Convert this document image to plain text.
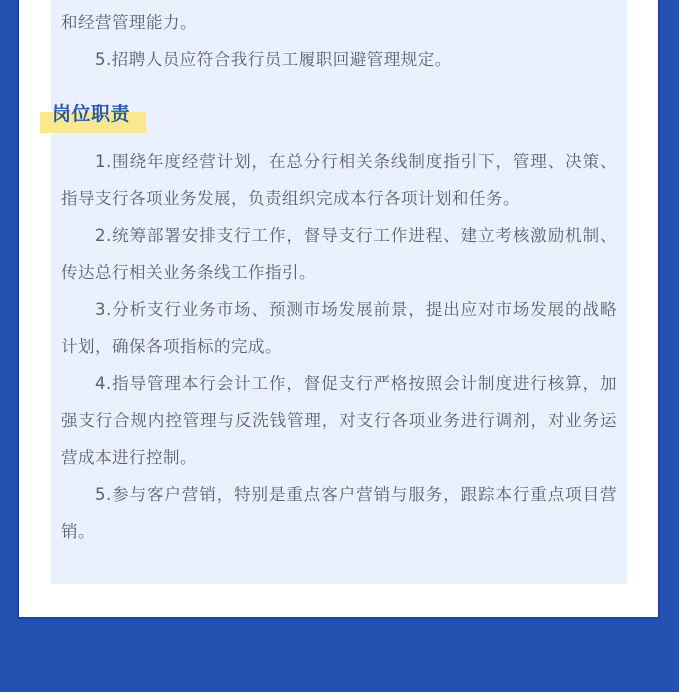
和经营管理能力。

5.招聘人员应符合我行员工履职回避管理规定。

岗位职责

1.围绕年度经营计划，在总分行相关条线制度指引下，管理、决策、指导支行各项业务发展，负责组织完成本行各项计划和任务。

2.统筹部署安排支行工作，督导支行工作进程、建立考核激励机制、传达总行相关业务条线工作指引。

3.分析支行业务市场、预测市场发展前景，提出应对市场发展的战略计划，确保各项指标的完成。

4.指导管理本行会计工作，督促支行严格按照会计制度进行核算，加强支行合规内控管理与反洗钱管理，对支行各项业务进行调剂，对业务运营成本进行控制。

5.参与客户营销，特别是重点客户营销与服务，跟踪本行重点项目营销。
